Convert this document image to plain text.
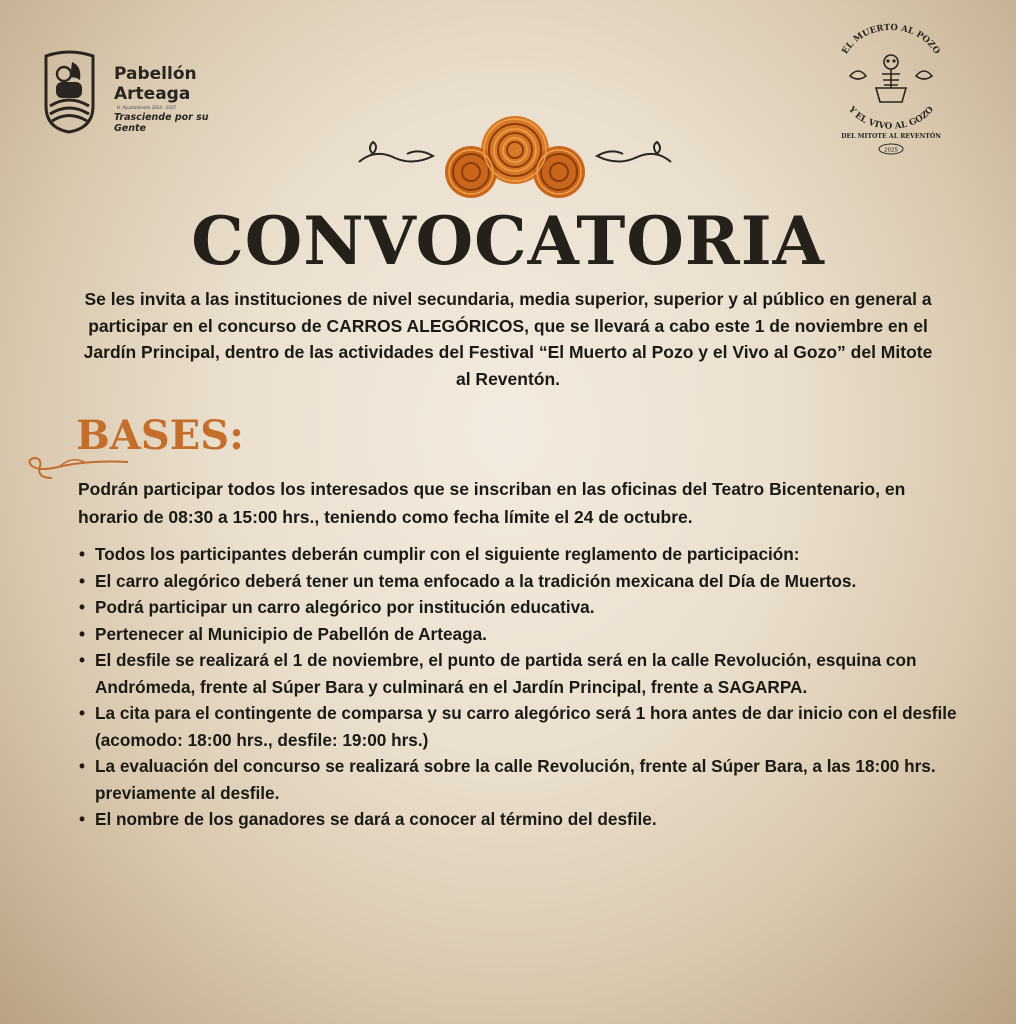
Pabellón
Arteaga
H. Ayuntamiento 2024 - 2027
Trasciende por su Gente
EL MUERTO AL POZO
Y EL VIVO AL GOZO
DEL MITOTE AL REVENTÓN
2025
CONVOCATORIA
Se les invita a las instituciones de nivel secundaria, media superior, superior y al público en general a participar en el concurso de CARROS ALEGÓRICOS, que se llevará a cabo este 1 de noviembre en el Jardín Principal, dentro de las actividades del Festival “El Muerto al Pozo y el Vivo al Gozo” del Mitote al Reventón.
BASES:
Podrán participar todos los interesados que se inscriban en las oficinas del Teatro Bicentenario, en horario de 08:30 a 15:00 hrs., teniendo como fecha límite el 24 de octubre.
• Todos los participantes deberán cumplir con el siguiente reglamento de participación:
• El carro alegórico deberá tener un tema enfocado a la tradición mexicana del Día de Muertos.
• Podrá participar un carro alegórico por institución educativa.
• Pertenecer al Municipio de Pabellón de Arteaga.
• El desfile se realizará el 1 de noviembre, el punto de partida será en la calle Revolución, esquina con Andrómeda, frente al Súper Bara y culminará en el Jardín Principal, frente a SAGARPA.
• La cita para el contingente de comparsa y su carro alegórico será 1 hora antes de dar inicio con el desfile (acomodo: 18:00 hrs., desfile: 19:00 hrs.)
• La evaluación del concurso se realizará sobre la calle Revolución, frente al Súper Bara, a las 18:00 hrs. previamente al desfile.
• El nombre de los ganadores se dará a conocer al término del desfile.
